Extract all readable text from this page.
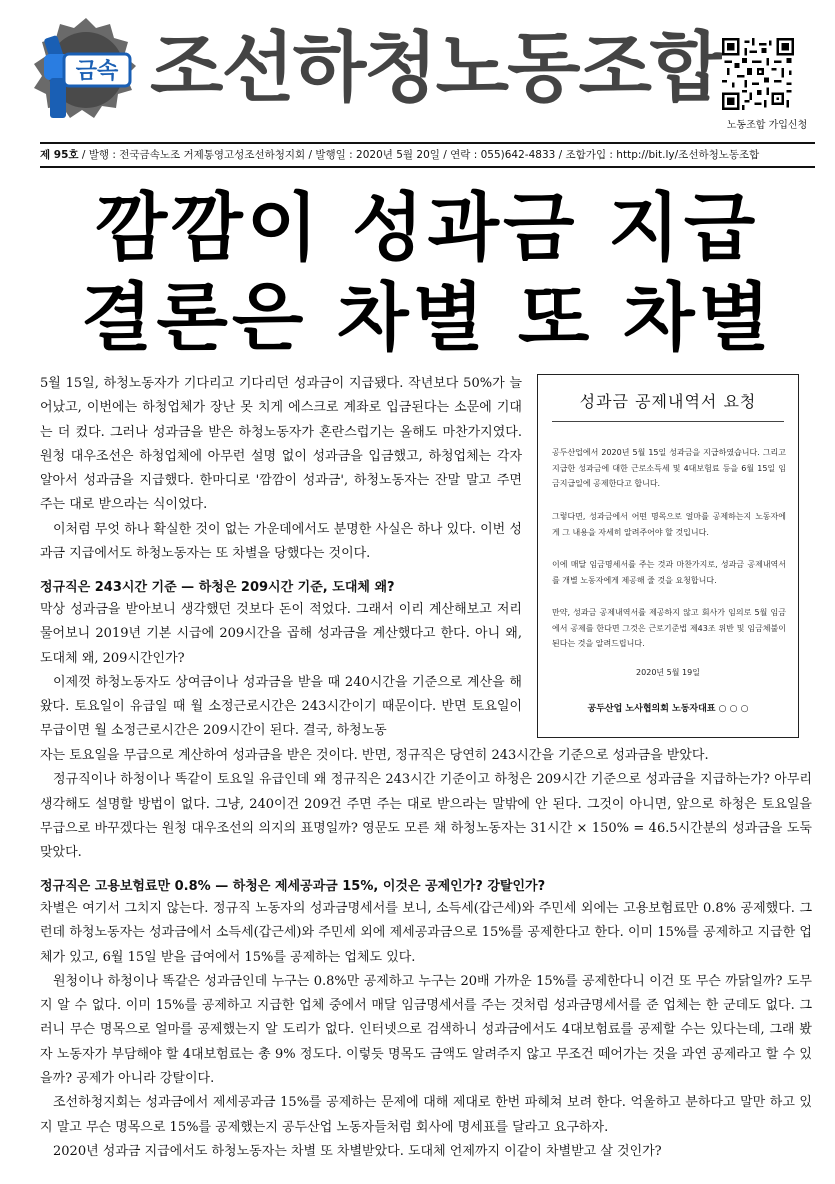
금속 조선하청노동조합
노동조합 가입신청
제 95호 / 발행 : 전국금속노조 거제통영고성조선하청지회 / 발행일 : 2020년 5월 20일 / 연락 : 055)642-4833 / 조합가입 : http://bit.ly/조선하청노동조합
깜깜이 성과금 지급
결론은 차별 또 차별

5월 15일, 하청노동자가 기다리고 기다리던 성과금이 지급됐다. 작년보다 50%가 늘어났고, 이번에는 하청업체가 장난 못 치게 에스크로 계좌로 입금된다는 소문에 기대는 더 컸다. 그러나 성과금을 받은 하청노동자가 혼란스럽기는 올해도 마찬가지였다. 원청 대우조선은 하청업체에 아무런 설명 없이 성과금을 입금했고, 하청업체는 각자 알아서 성과금을 지급했다. 한마디로 '깜깜이 성과금', 하청노동자는 잔말 말고 주면 주는 대로 받으라는 식이었다.

이처럼 무엇 하나 확실한 것이 없는 가운데에서도 분명한 사실은 하나 있다. 이번 성과금 지급에서도 하청노동자는 또 차별을 당했다는 것이다.

성과금 공제내역서 요청
공두산업에서 2020년 5월 15일 성과금을 지급하였습니다. 그리고 지급한 성과금에 대한 근로소득세 및 4대보험료 등을 6월 15일 임금지급일에 공제한다고 합니다.
그렇다면, 성과금에서 어떤 명목으로 얼마를 공제하는지 노동자에게 그 내용을 자세히 알려주어야 할 것입니다.
이에 매달 임금명세서를 주는 것과 마찬가지로, 성과금 공제내역서를 개별 노동자에게 제공해 줄 것을 요청합니다.
만약, 성과금 공제내역서를 제공하지 않고 회사가 임의로 5월 임금에서 공제를 한다면 그것은 근로기준법 제43조 위반 및 임금체불이 된다는 것을 알려드립니다.
2020년 5월 19일
공두산업 노사협의회 노동자대표 ○ ○ ○
정규직은 243시간 기준 — 하청은 209시간 기준, 도대체 왜?

막상 성과금을 받아보니 생각했던 것보다 돈이 적었다. 그래서 이리 계산해보고 저리 물어보니 2019년 기본 시급에 209시간을 곱해 성과금을 계산했다고 한다. 아니 왜, 도대체 왜, 209시간인가?

이제껏 하청노동자도 상여금이나 성과금을 받을 때 240시간을 기준으로 계산을 해왔다. 토요일이 유급일 때 월 소정근로시간은 243시간이기 때문이다. 반면 토요일이 무급이면 월 소정근로시간은 209시간이 된다. 결국, 하청노동

자는 토요일을 무급으로 계산하여 성과금을 받은 것이다. 반면, 정규직은 당연히 243시간을 기준으로 성과금을 받았다.

정규직이나 하청이나 똑같이 토요일 유급인데 왜 정규직은 243시간 기준이고 하청은 209시간 기준으로 성과금을 지급하는가? 아무리 생각해도 설명할 방법이 없다. 그냥, 240이건 209건 주면 주는 대로 받으라는 말밖에 안 된다. 그것이 아니면, 앞으로 하청은 토요일을 무급으로 바꾸겠다는 원청 대우조선의 의지의 표명일까? 영문도 모른 채 하청노동자는 31시간 × 150% = 46.5시간분의 성과금을 도둑맞았다.

정규직은 고용보험료만 0.8% — 하청은 제세공과금 15%, 이것은 공제인가? 강탈인가?

차별은 여기서 그치지 않는다. 정규직 노동자의 성과금명세서를 보니, 소득세(갑근세)와 주민세 외에는 고용보험료만 0.8% 공제했다. 그런데 하청노동자는 성과금에서 소득세(갑근세)와 주민세 외에 제세공과금으로 15%를 공제한다고 한다. 이미 15%를 공제하고 지급한 업체가 있고, 6월 15일 받을 급여에서 15%를 공제하는 업체도 있다.

원청이나 하청이나 똑같은 성과금인데 누구는 0.8%만 공제하고 누구는 20배 가까운 15%를 공제한다니 이건 또 무슨 까닭일까? 도무지 알 수 없다. 이미 15%를 공제하고 지급한 업체 중에서 매달 임금명세서를 주는 것처럼 성과금명세서를 준 업체는 한 군데도 없다. 그러니 무슨 명목으로 얼마를 공제했는지 알 도리가 없다. 인터넷으로 검색하니 성과금에서도 4대보험료를 공제할 수는 있다는데, 그래 봤자 노동자가 부담해야 할 4대보험료는 총 9% 정도다. 이렇듯 명목도 금액도 알려주지 않고 무조건 떼어가는 것을 과연 공제라고 할 수 있을까? 공제가 아니라 강탈이다.

조선하청지회는 성과금에서 제세공과금 15%를 공제하는 문제에 대해 제대로 한번 파헤쳐 보려 한다. 억울하고 분하다고 말만 하고 있지 말고 무슨 명목으로 15%를 공제했는지 공두산업 노동자들처럼 회사에 명세표를 달라고 요구하자.

2020년 성과금 지급에서도 하청노동자는 차별 또 차별받았다. 도대체 언제까지 이같이 차별받고 살 것인가?
